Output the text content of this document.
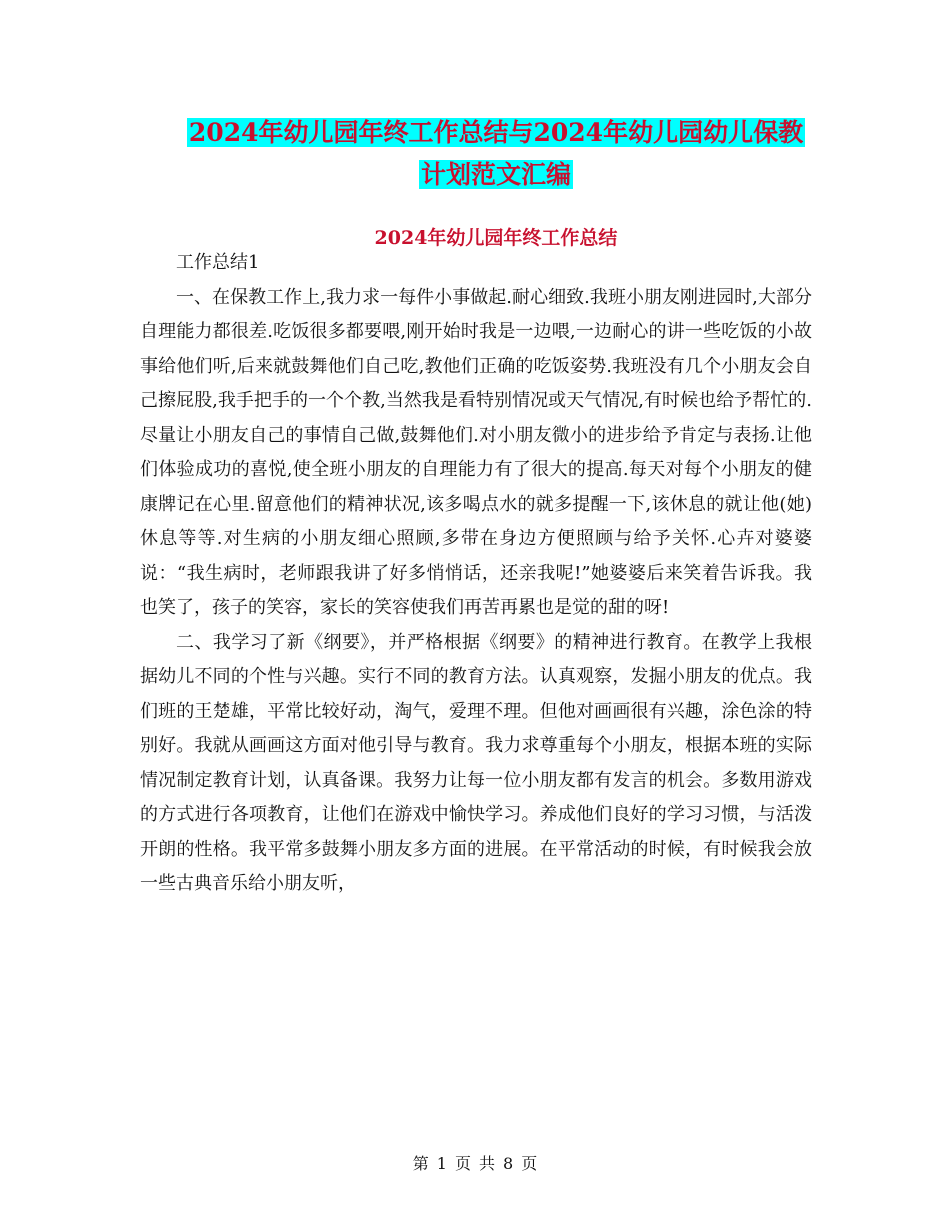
2024年幼儿园年终工作总结与2024年幼儿园幼儿保教
计划范文汇编
2024年幼儿园年终工作总结

工作总结1

一、在保教工作上,我力求一每件小事做起.耐心细致.我班小朋友刚进园时,大部分自理能力都很差.吃饭很多都要喂,刚开始时我是一边喂,一边耐心的讲一些吃饭的小故事给他们听,后来就鼓舞他们自己吃,教他们正确的吃饭姿势.我班没有几个小朋友会自己擦屁股,我手把手的一个个教,当然我是看特别情况或天气情况,有时候也给予帮忙的.尽量让小朋友自己的事情自己做,鼓舞他们.对小朋友微小的进步给予肯定与表扬.让他们体验成功的喜悦,使全班小朋友的自理能力有了很大的提高.每天对每个小朋友的健康牌记在心里.留意他们的精神状况,该多喝点水的就多提醒一下,该休息的就让他(她)休息等等.对生病的小朋友细心照顾,多带在身边方便照顾与给予关怀.心卉对婆婆说：“我生病时，老师跟我讲了好多悄悄话，还亲我呢!”她婆婆后来笑着告诉我。我也笑了，孩子的笑容，家长的笑容使我们再苦再累也是觉的甜的呀!

二、我学习了新《纲要》，并严格根据《纲要》的精神进行教育。在教学上我根据幼儿不同的个性与兴趣。实行不同的教育方法。认真观察，发掘小朋友的优点。我们班的王楚雄，平常比较好动，淘气，爱理不理。但他对画画很有兴趣，涂色涂的特别好。我就从画画这方面对他引导与教育。我力求尊重每个小朋友，根据本班的实际情况制定教育计划，认真备课。我努力让每一位小朋友都有发言的机会。多数用游戏的方式进行各项教育，让他们在游戏中愉快学习。养成他们良好的学习习惯，与活泼开朗的性格。我平常多鼓舞小朋友多方面的进展。在平常活动的时候，有时候我会放一些古典音乐给小朋友听，

第 1 页 共 8 页
